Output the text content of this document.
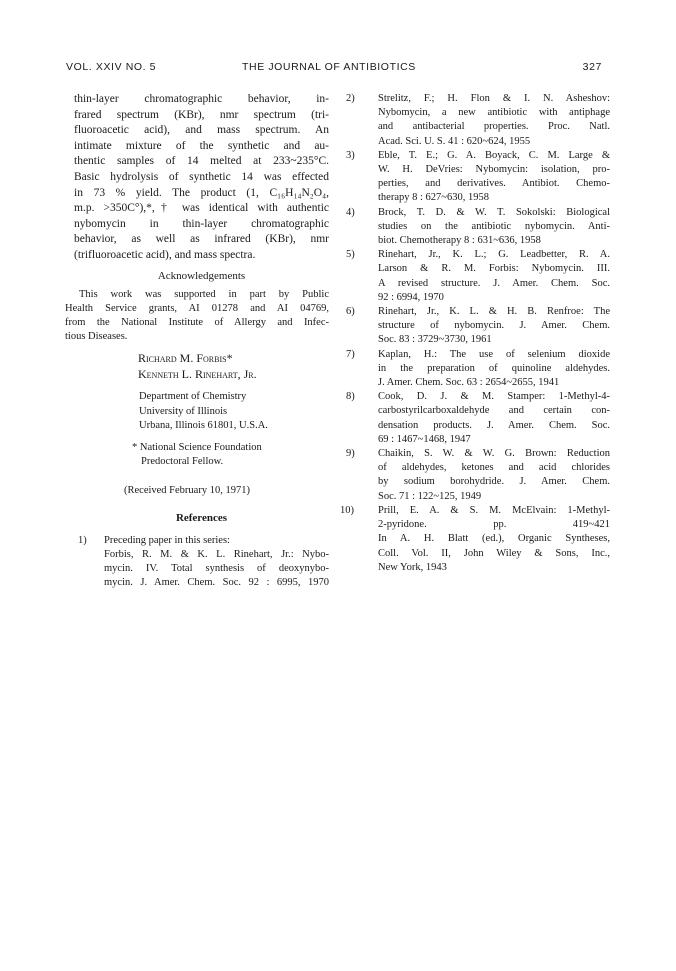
VOL. XXIV NO. 5	THE JOURNAL OF ANTIBIOTICS	327
thin-layer chromatographic behavior, in-
frared spectrum (KBr), nmr spectrum (tri-
fluoroacetic acid), and mass spectrum. An
intimate mixture of the synthetic and au-
thentic samples of 14 melted at 233~235°C.
Basic hydrolysis of synthetic 14 was effected
in 73 % yield. The product (1, C₁₆H₁₄N₂O₄,
m.p. >350C°),*,† was identical with authentic
nybomycin in thin-layer chromatographic
behavior, as well as infrared (KBr), nmr
(trifluoroacetic acid), and mass spectra.
Acknowledgements
This work was supported in part by Public
Health Service grants, AI 01278 and AI 04769,
from the National Institute of Allergy and Infec-
tious Diseases.
Richard M. Forbis*
Kenneth L. Rinehart, Jr.
Department of Chemistry
University of Illinois
Urbana, Illinois 61801, U.S.A.
* National Science Foundation
Predoctoral Fellow.
(Received February 10, 1971)
References
1) Preceding paper in this series:
Forbis, R. M. & K. L. Rinehart, Jr.: Nybo-
mycin. IV. Total synthesis of deoxynybo-
mycin. J. Amer. Chem. Soc. 92 : 6995, 1970
2) Strelitz, F.; H. Flon & I. N. Asheshov:
Nybomycin, a new antibiotic with antiphage
and antibacterial properties. Proc. Natl.
Acad. Sci. U. S. 41 : 620~624, 1955
3) Eble, T. E.; G. A. Boyack, C. M. Large &
W. H. DeVries: Nybomycin: isolation, pro-
perties, and derivatives. Antibiot. Chemo-
therapy 8 : 627~630, 1958
4) Brock, T. D. & W. T. Sokolski: Biological
studies on the antibiotic nybomycin. Anti-
biot. Chemotherapy 8 : 631~636, 1958
5) Rinehart, Jr., K. L.; G. Leadbetter, R. A.
Larson & R. M. Forbis: Nybomycin. III.
A revised structure. J. Amer. Chem. Soc.
92 : 6994, 1970
6) Rinehart, Jr., K. L. & H. B. Renfroe: The
structure of nybomycin. J. Amer. Chem.
Soc. 83 : 3729~3730, 1961
7) Kaplan, H.: The use of selenium dioxide
in the preparation of quinoline aldehydes.
J. Amer. Chem. Soc. 63 : 2654~2655, 1941
8) Cook, D. J. & M. Stamper: 1-Methyl-4-
carbostyrilcarboxaldehyde and certain con-
densation products. J. Amer. Chem. Soc.
69 : 1467~1468, 1947
9) Chaikin, S. W. & W. G. Brown: Reduction
of aldehydes, ketones and acid chlorides
by sodium borohydride. J. Amer. Chem.
Soc. 71 : 122~125, 1949
10) Prill, E. A. & S. M. McElvain: 1-Methyl-
2-pyridone. pp. 419~421
In A. H. Blatt (ed.), Organic Syntheses,
Coll. Vol. II, John Wiley & Sons, Inc.,
New York, 1943
